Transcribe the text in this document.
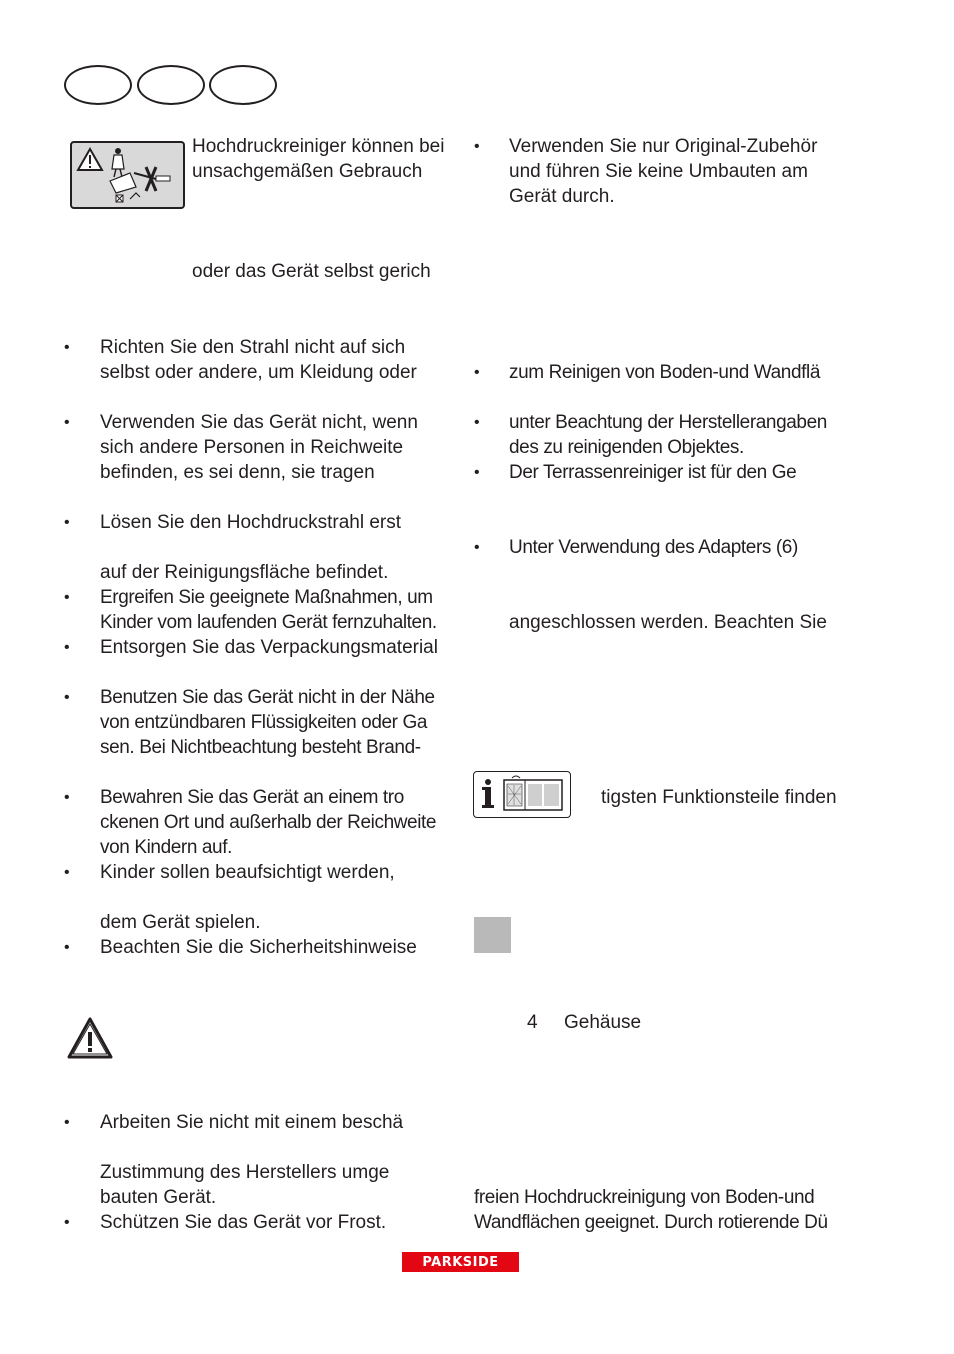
Hochdruckreiniger können bei
unsachgemäßen Gebrauch
oder das Gerät selbst gerich
• Richten Sie den Strahl nicht auf sich
selbst oder andere, um Kleidung oder
• Verwenden Sie das Gerät nicht, wenn
sich andere Personen in Reichweite
befinden, es sei denn, sie tragen
• Lösen Sie den Hochdruckstrahl erst
auf der Reinigungsfläche befindet.
• Ergreifen Sie geeignete Maßnahmen, um
Kinder vom laufenden Gerät fernzuhalten.
• Entsorgen Sie das Verpackungsmaterial
• Benutzen Sie das Gerät nicht in der Nähe
von entzündbaren Flüssigkeiten oder Ga
sen. Bei Nichtbeachtung besteht Brand-
• Bewahren Sie das Gerät an einem tro
ckenen Ort und außerhalb der Reichweite
von Kindern auf.
• Kinder sollen beaufsichtigt werden,
dem Gerät spielen.
• Beachten Sie die Sicherheitshinweise
• Arbeiten Sie nicht mit einem beschä
Zustimmung des Herstellers umge
bauten Gerät.
• Schützen Sie das Gerät vor Frost.
• Verwenden Sie nur Original-Zubehör
und führen Sie keine Umbauten am
Gerät durch.
• zum Reinigen von Boden-und Wandflä
• unter Beachtung der Herstellerangaben
des zu reinigenden Objektes.
• Der Terrassenreiniger ist für den Ge
• Unter Verwendung des Adapters (6)
angeschlossen werden. Beachten Sie
tigsten Funktionsteile finden
4 Gehäuse
freien Hochdruckreinigung von Boden-und
Wandflächen geeignet. Durch rotierende Dü
PARKSIDE
